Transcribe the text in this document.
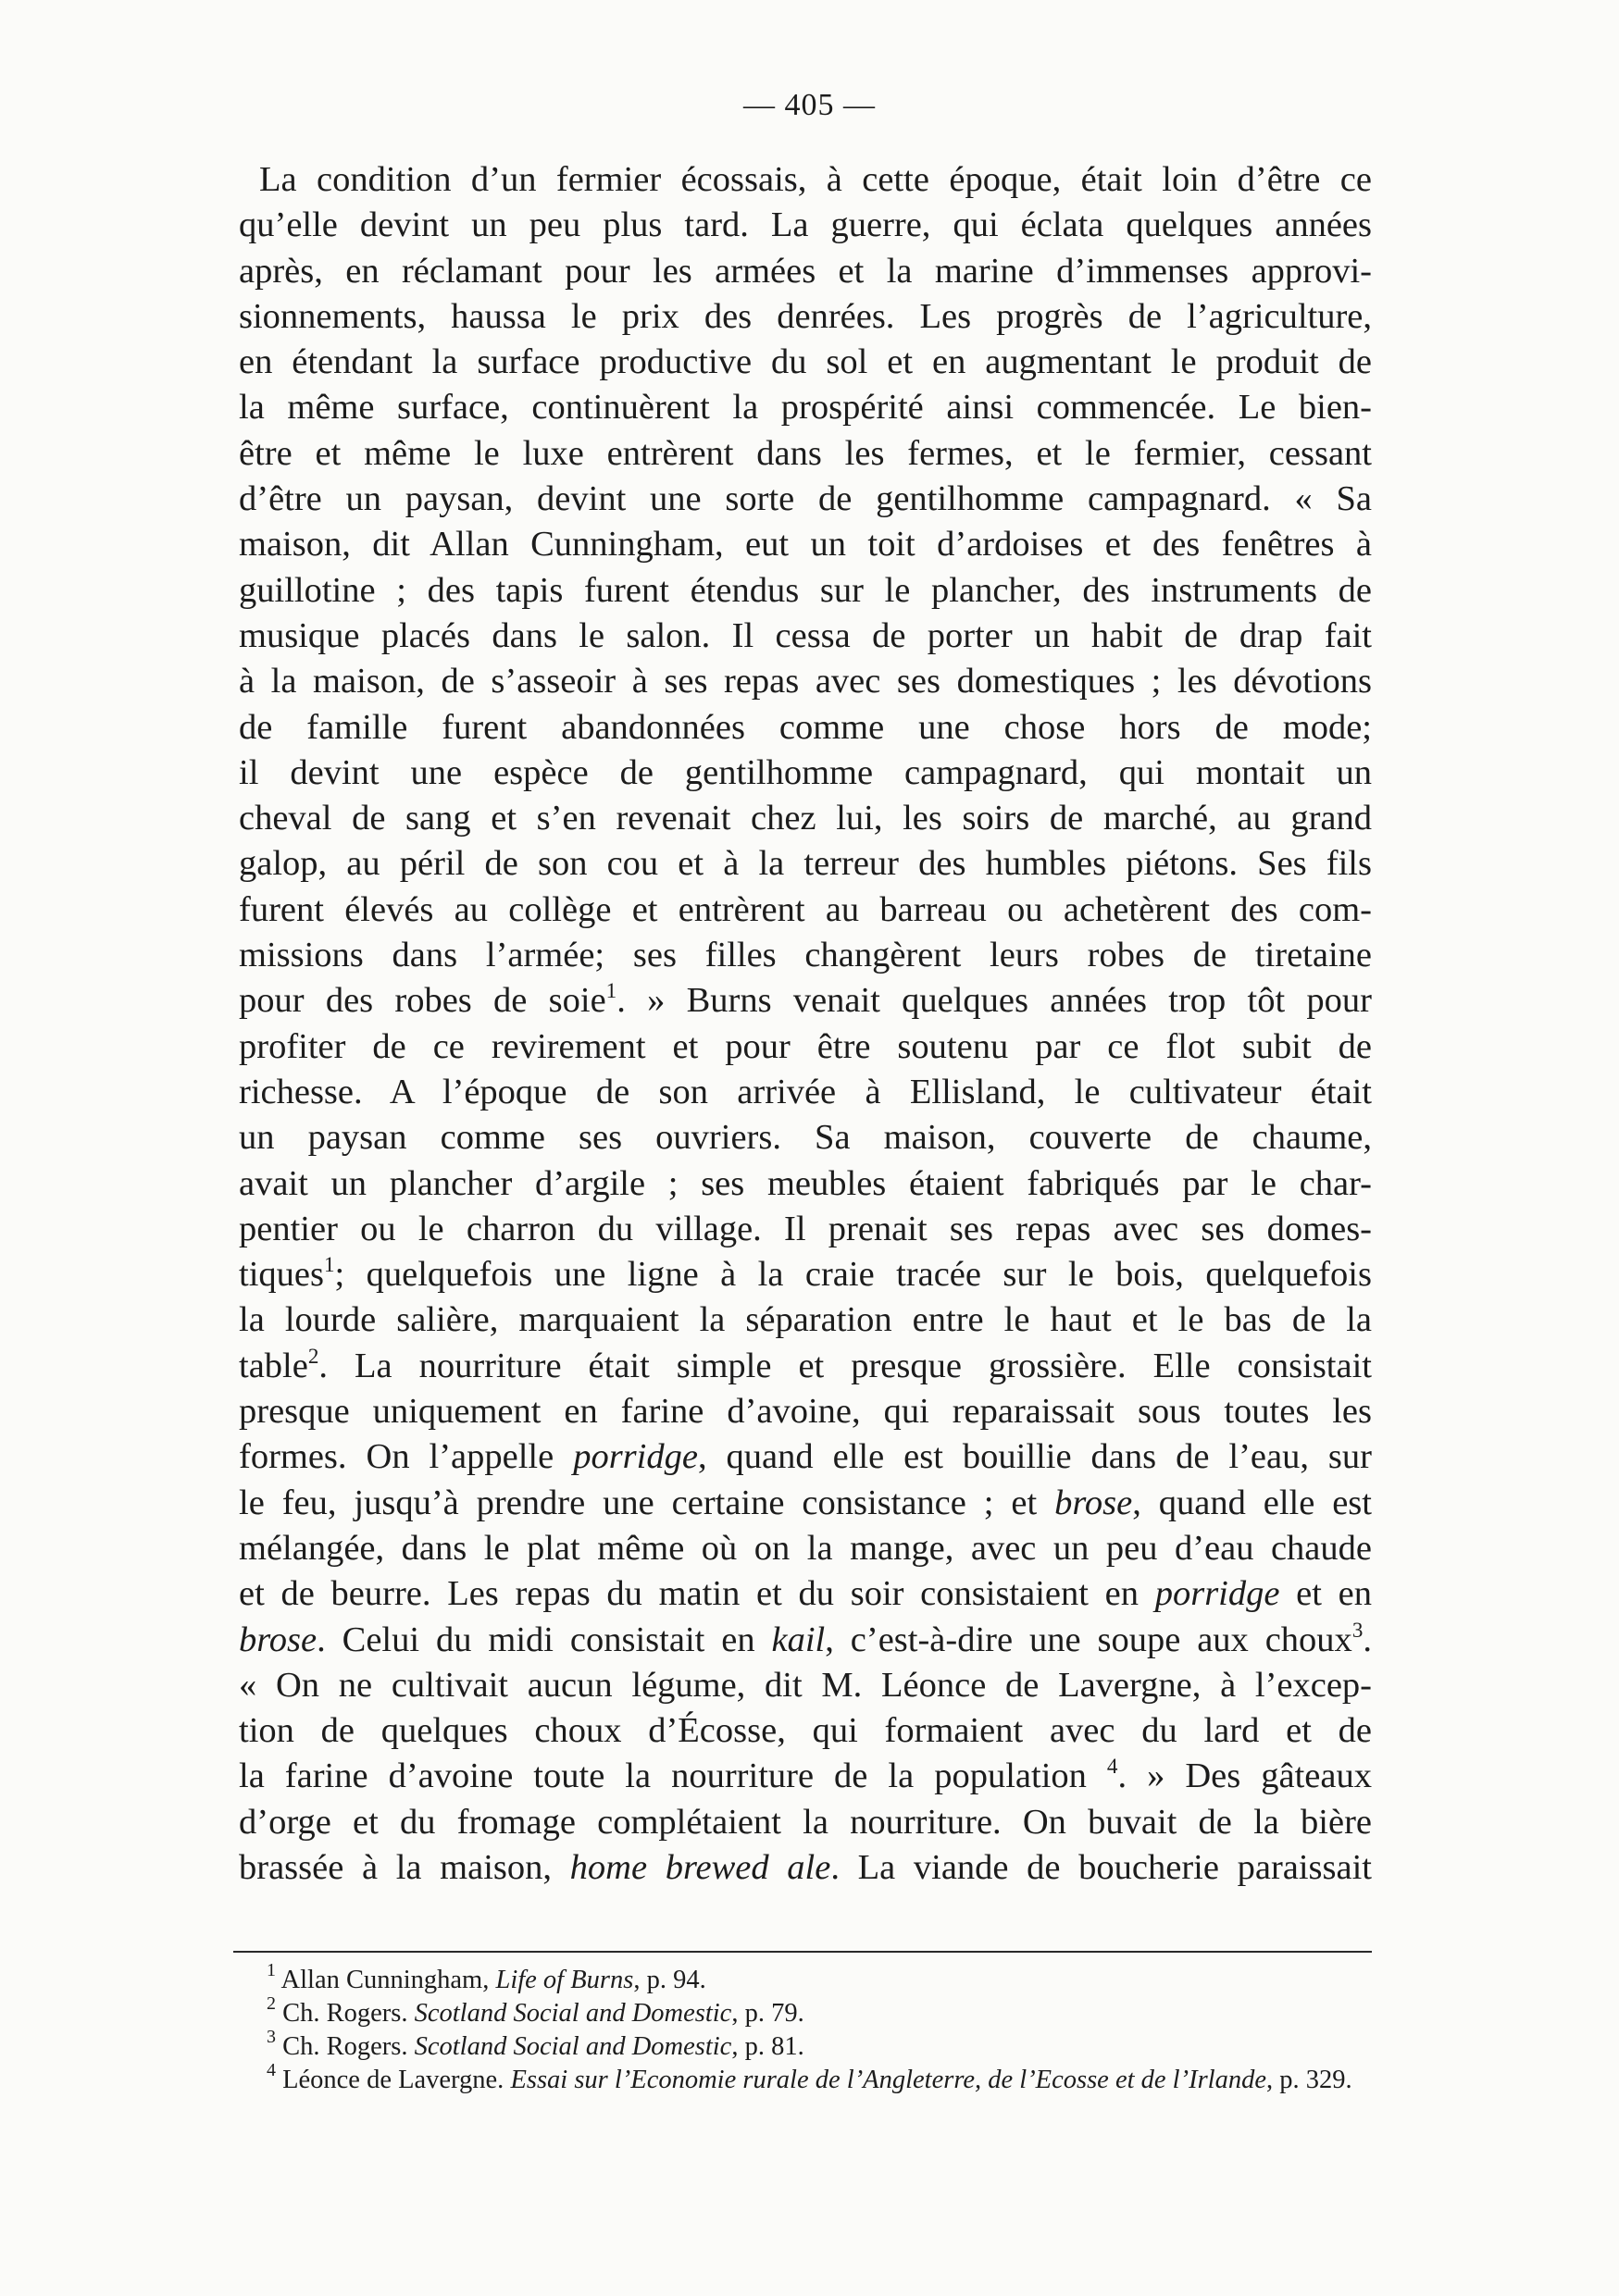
— 405 —
La condition d’un fermier écossais, à cette époque, était loin d’être ce
qu’elle devint un peu plus tard. La guerre, qui éclata quelques années
après, en réclamant pour les armées et la marine d’immenses approvi-
sionnements, haussa le prix des denrées. Les progrès de l’agriculture,
en étendant la surface productive du sol et en augmentant le produit de
la même surface, continuèrent la prospérité ainsi commencée. Le bien-
être et même le luxe entrèrent dans les fermes, et le fermier, cessant
d’être un paysan, devint une sorte de gentilhomme campagnard. « Sa
maison, dit Allan Cunningham, eut un toit d’ardoises et des fenêtres à
guillotine ; des tapis furent étendus sur le plancher, des instruments de
musique placés dans le salon. Il cessa de porter un habit de drap fait
à la maison, de s’asseoir à ses repas avec ses domestiques ; les dévotions
de famille furent abandonnées comme une chose hors de mode;
il devint une espèce de gentilhomme campagnard, qui montait un
cheval de sang et s’en revenait chez lui, les soirs de marché, au grand
galop, au péril de son cou et à la terreur des humbles piétons. Ses fils
furent élevés au collège et entrèrent au barreau ou achetèrent des com-
missions dans l’armée; ses filles changèrent leurs robes de tiretaine
pour des robes de soie$^1$. » Burns venait quelques années trop tôt pour
profiter de ce revirement et pour être soutenu par ce flot subit de
richesse. A l’époque de son arrivée à Ellisland, le cultivateur était
un paysan comme ses ouvriers. Sa maison, couverte de chaume,
avait un plancher d’argile ; ses meubles étaient fabriqués par le char-
pentier ou le charron du village. Il prenait ses repas avec ses domes-
tiques$^1$; quelquefois une ligne à la craie tracée sur le bois, quelquefois
la lourde salière, marquaient la séparation entre le haut et le bas de la
table$^2$. La nourriture était simple et presque grossière. Elle consistait
presque uniquement en farine d’avoine, qui reparaissait sous toutes les
formes. On l’appelle porridge, quand elle est bouillie dans de l’eau, sur
le feu, jusqu’à prendre une certaine consistance ; et brose, quand elle est
mélangée, dans le plat même où on la mange, avec un peu d’eau chaude
et de beurre. Les repas du matin et du soir consistaient en porridge et en
brose. Celui du midi consistait en kail, c’est-à-dire une soupe aux choux$^3$.
« On ne cultivait aucun légume, dit M. Léonce de Lavergne, à l’excep-
tion de quelques choux d’Écosse, qui formaient avec du lard et de
la farine d’avoine toute la nourriture de la population $^4$. » Des gâteaux
d’orge et du fromage complétaient la nourriture. On buvait de la bière
brassée à la maison, home brewed ale. La viande de boucherie paraissait
$^1$ Allan Cunningham, Life of Burns, p. 94.
$^2$ Ch. Rogers. Scotland Social and Domestic, p. 79.
$^3$ Ch. Rogers. Scotland Social and Domestic, p. 81.
$^4$ Léonce de Lavergne. Essai sur l’Economie rurale de l’Angleterre, de l’Ecosse et de l’Irlande, p. 329.
